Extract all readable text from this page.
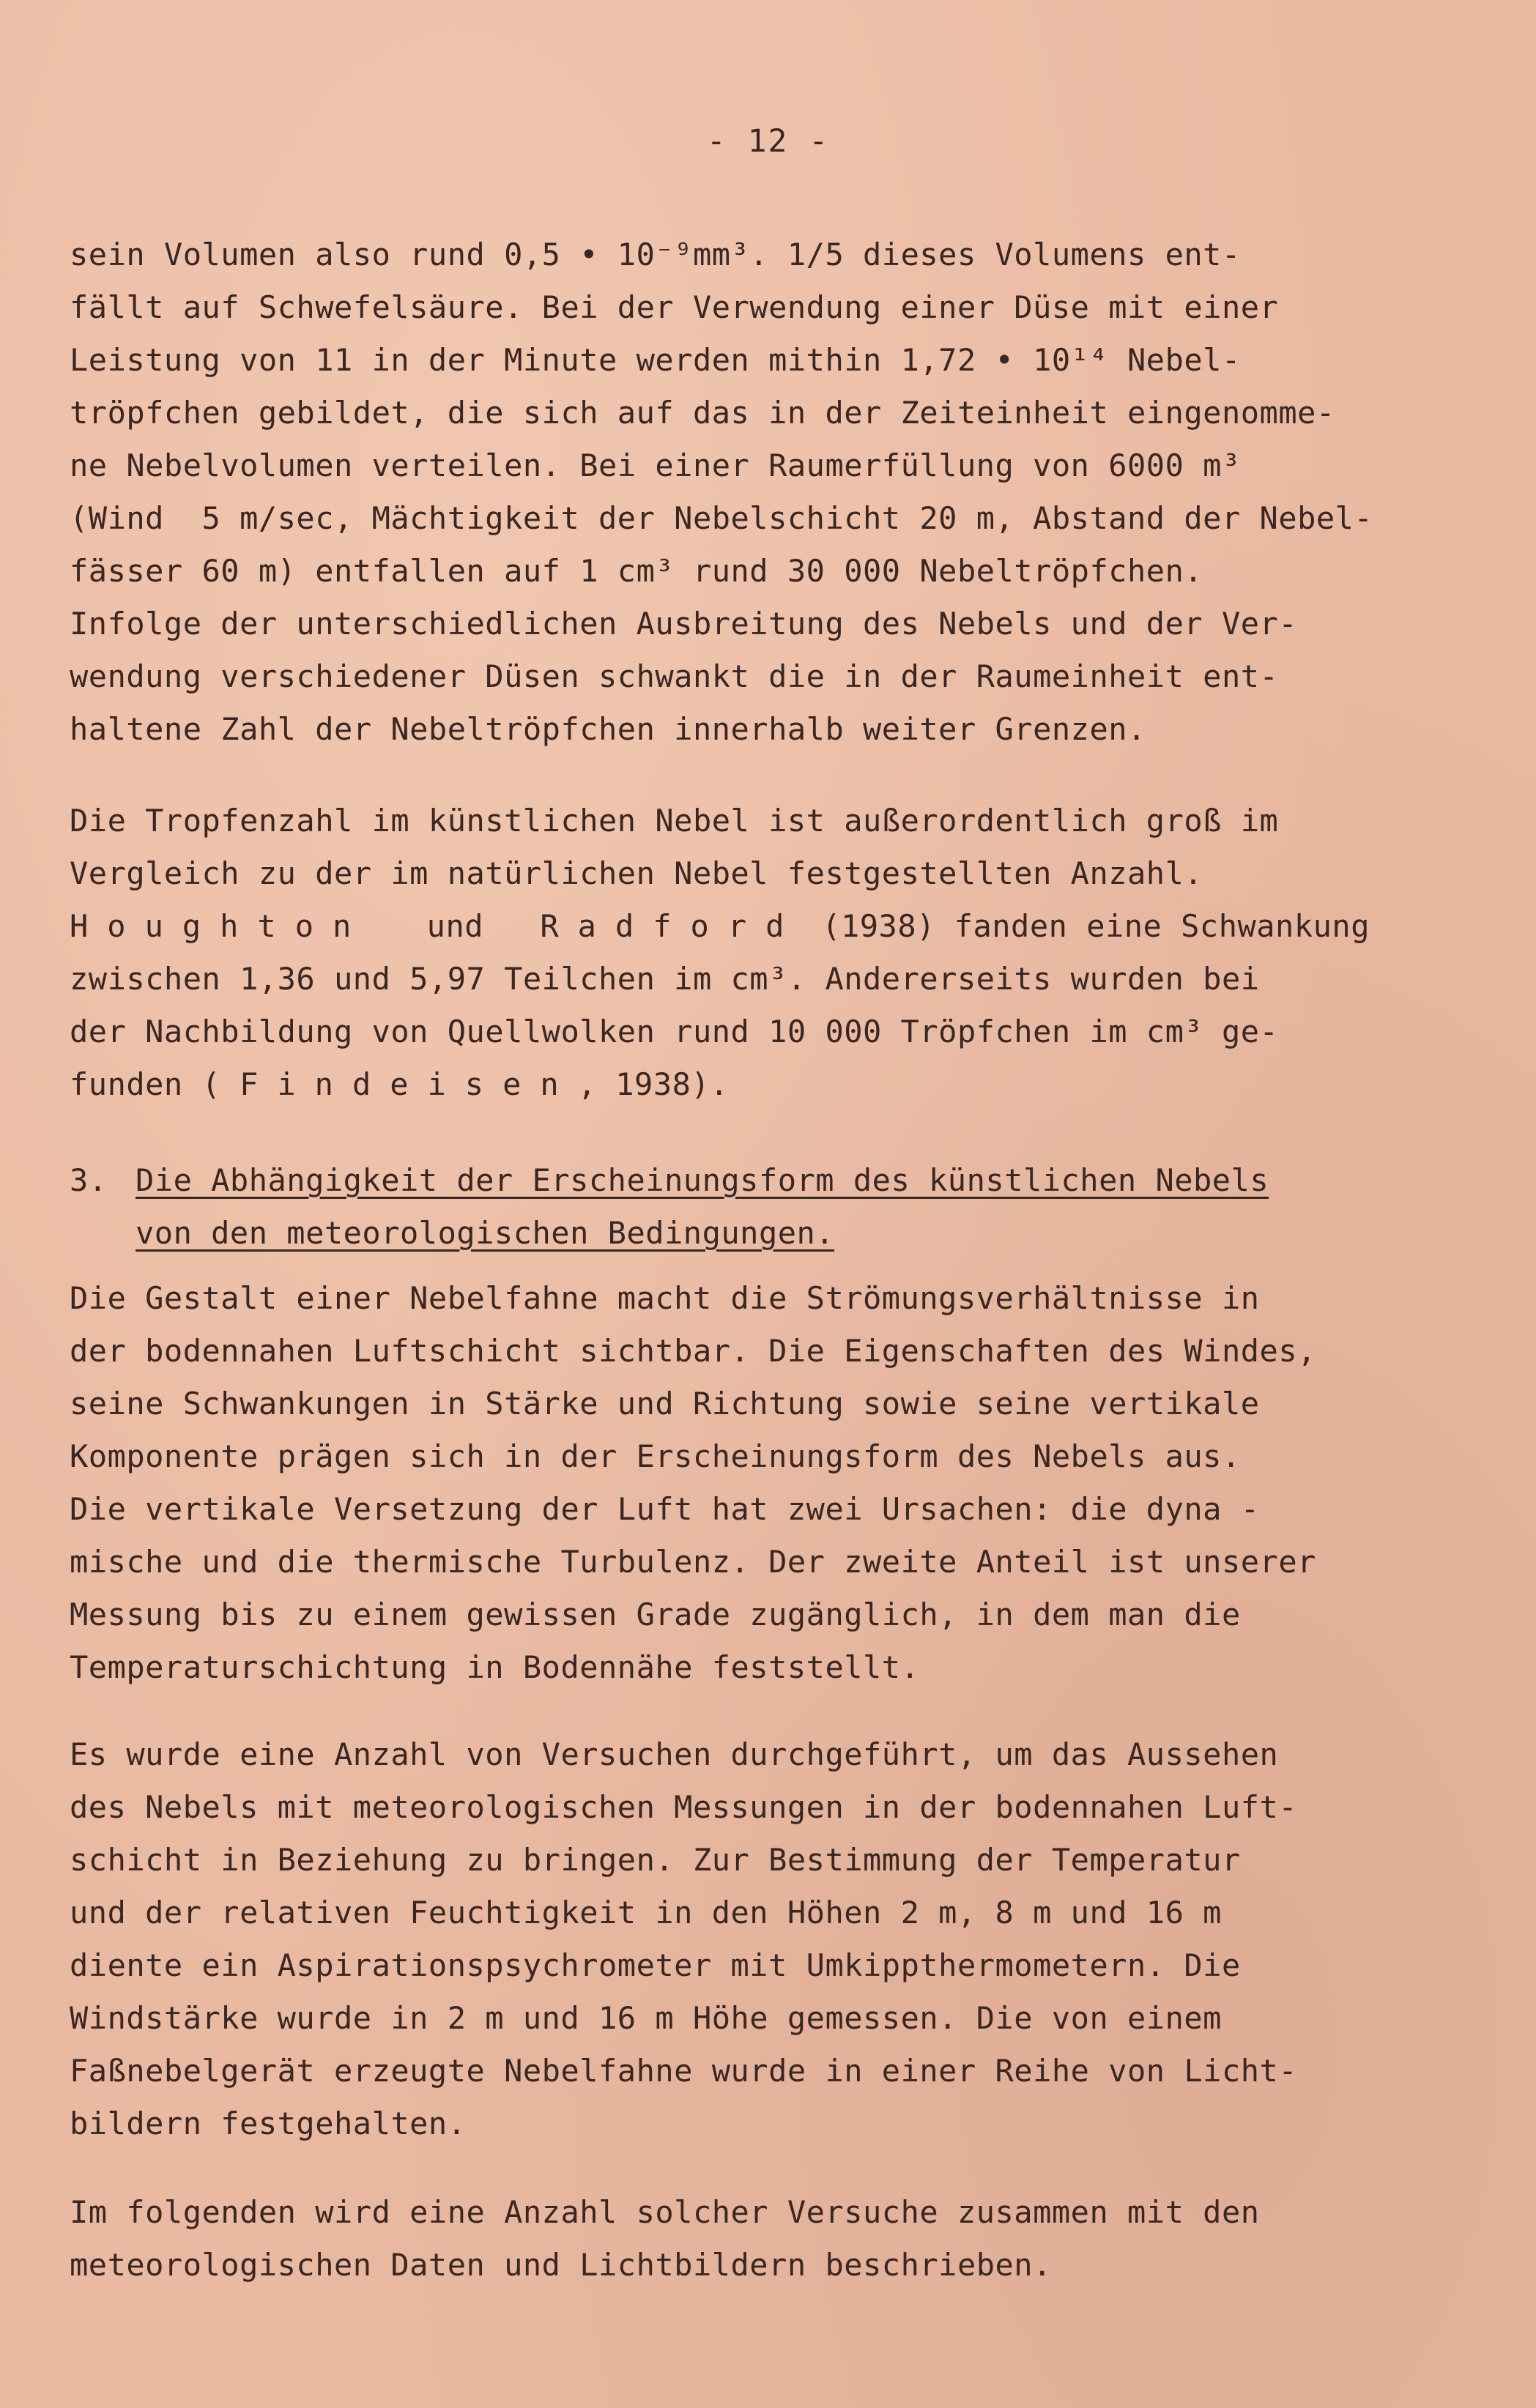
- 12 -
sein Volumen also rund 0,5 • 10⁻⁹mm³. 1/5 dieses Volumens ent-
fällt auf Schwefelsäure. Bei der Verwendung einer Düse mit einer
Leistung von 11 in der Minute werden mithin 1,72 • 10¹⁴ Nebel-
tröpfchen gebildet, die sich auf das in der Zeiteinheit eingenomme-
ne Nebelvolumen verteilen. Bei einer Raumerfüllung von 6000 m³
(Wind  5 m/sec, Mächtigkeit der Nebelschicht 20 m, Abstand der Nebel-
fässer 60 m) entfallen auf 1 cm³ rund 30 000 Nebeltröpfchen.
Infolge der unterschiedlichen Ausbreitung des Nebels und der Ver-
wendung verschiedener Düsen schwankt die in der Raumeinheit ent-
haltene Zahl der Nebeltröpfchen innerhalb weiter Grenzen.
Die Tropfenzahl im künstlichen Nebel ist außerordentlich groß im
Vergleich zu der im natürlichen Nebel festgestellten Anzahl.
Houghton und Radford (1938) fanden eine Schwankung
zwischen 1,36 und 5,97 Teilchen im cm³. Andererseits wurden bei
der Nachbildung von Quellwolken rund 10 000 Tröpfchen im cm³ ge-
funden ( Findeisen, 1938).
3. Die Abhängigkeit der Erscheinungsform des künstlichen Nebels
von den meteorologischen Bedingungen.
Die Gestalt einer Nebelfahne macht die Strömungsverhältnisse in
der bodennahen Luftschicht sichtbar. Die Eigenschaften des Windes,
seine Schwankungen in Stärke und Richtung sowie seine vertikale
Komponente prägen sich in der Erscheinungsform des Nebels aus.
Die vertikale Versetzung der Luft hat zwei Ursachen: die dyna -
mische und die thermische Turbulenz. Der zweite Anteil ist unserer
Messung bis zu einem gewissen Grade zugänglich, in dem man die
Temperaturschichtung in Bodennähe feststellt.
Es wurde eine Anzahl von Versuchen durchgeführt, um das Aussehen
des Nebels mit meteorologischen Messungen in der bodennahen Luft-
schicht in Beziehung zu bringen. Zur Bestimmung der Temperatur
und der relativen Feuchtigkeit in den Höhen 2 m, 8 m und 16 m
diente ein Aspirationspsychrometer mit Umkippthermometern. Die
Windstärke wurde in 2 m und 16 m Höhe gemessen. Die von einem
Faßnebelgerät erzeugte Nebelfahne wurde in einer Reihe von Licht-
bildern festgehalten.
Im folgenden wird eine Anzahl solcher Versuche zusammen mit den
meteorologischen Daten und Lichtbildern beschrieben.
